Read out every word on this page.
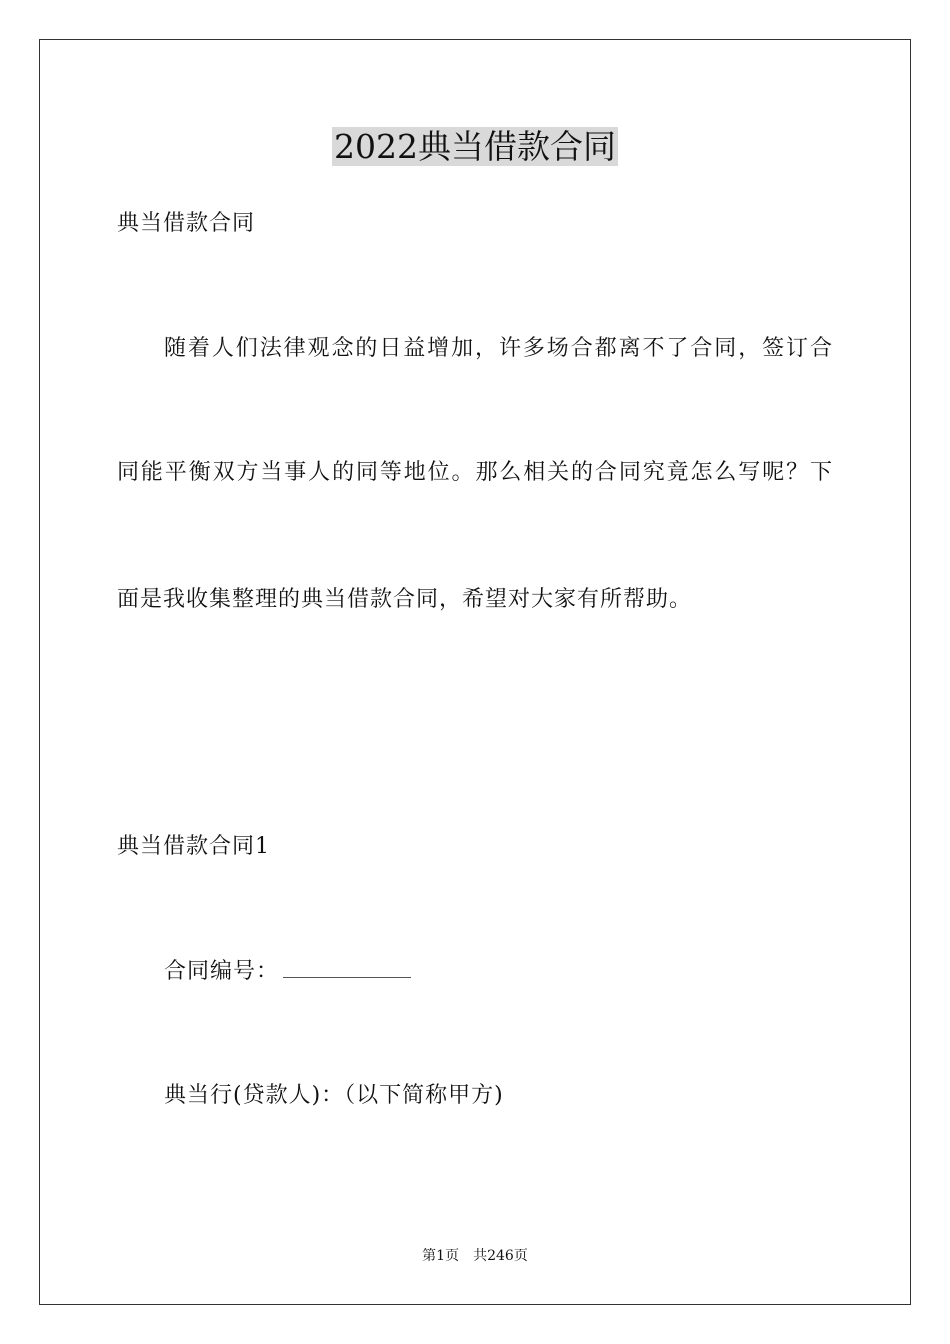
2022典当借款合同
典当借款合同
随着人们法律观念的日益增加，许多场合都离不了合同，签订合
同能平衡双方当事人的同等地位。那么相关的合同究竟怎么写呢？下
面是我收集整理的典当借款合同，希望对大家有所帮助。
典当借款合同1
合同编号：
典当行(贷款人)：（以下简称甲方)
第1页 共246页
